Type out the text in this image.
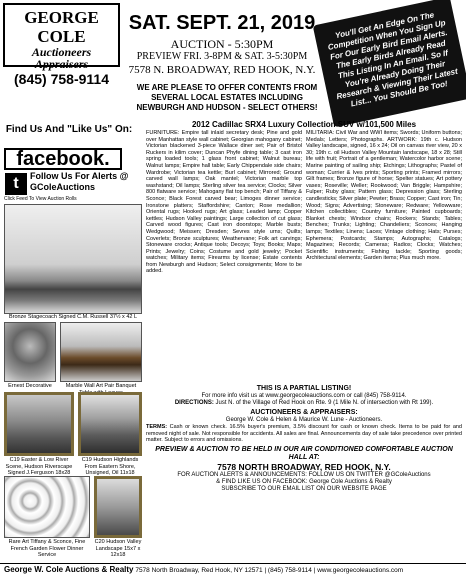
GEORGE COLE
Auctioneers
Appraisers
(845) 758-9114
SAT. SEPT. 21, 2019
AUCTION - 5:30PM
PREVIEW FRI. 3-8PM & SAT. 3-5:30PM
7578 N. BROADWAY, RED HOOK, N.Y.
You'll Get An Edge On The Competition When You Sign Up For Our Early Bird Email Alerts. The Early Birds Already Read This Listing In An Email. So If You're Already Doing Their Research & Viewing Their Latest List... You Should Be Too!
WE ARE PLEASE TO OFFER CONTENTS FROM SEVERAL LOCAL ESTATES INCLUDING NEWBURGH AND HUDSON - SELECT OTHERS!
Find Us And "Like Us" On:
facebook.
t	Follow Us For Alerts @ GColeAuctions
Click Feed To View Auction Rolls
Bronze Stagecoach Signed C.M. Russell 37½ x 42 L
Ernest Decorative	Marble Wall Art Pair Banquet
C19 Easter & Low River Scene, Hudson Riverscape Signed J.Ferguson 18x28
C19 Hudson Highlands From Eastern Shore, Unsigned, Oil 11x18
Rare Art Tiffany & Sconce, Fine French Garden Flower Dinner Service
C20 Hudson Valley Landscape 15x7 x 12x18
2012 Cadillac SRX4 Luxury Collection SUV w/101,500 Miles
FURNITURE: Empire tall inlaid secretary desk; Pine and gold over Manhattan style wall cabinet; Georgian mahogany cabinet; Victorian blackened 3-piece Wallace diner set; Pair of Bristol Ruckers in kilim cover; Duncan Phyfe dining table; 3 cast iron spring loaded tools; 1 glass front cabinet; Walnut bureau; Walnut lamps; Empire hall table; Early Chippendale side chairs; Wardrobe; Victorian tea kettle; Burl cabinet; Mirrored; Ground carved wall lamps; Oak mantel; Victorian marble top washstand; Oil lamps; Sterling silver tea service; Clocks; Silver 800 flatware service; Mahogany flat top bench; Pair of Tiffany & Sconce; Black Forest carved bear; Limoges dinner service; Ironstone platters; Staffordshire; Canton; Rose medallion; Oriental rugs; Hooked rugs; Art glass; Leaded lamp; Copper kettles; Hudson Valley paintings; Large collection of cut glass; Carved wood figures; Cast iron doorstops; Marble busts; Wedgwood; Meissen; Dresden; Sevres style urns; Quilts; Coverlets; Bronze sculptures; Weathervane; Folk art carvings; Stoneware crocks; Antique tools; Decoys; Toys; Books; Maps; Prints; Jewelry; Coins; Costume and gold jewelry; Pocket watches; Military items; Firearms by license; Estate contents from Newburgh and Hudson; Select consignments; More to be added.
MILITARIA: Civil War and WWI items; Swords; Uniform buttons; Medals; Letters; Photographs. ARTWORK: 19th c. Hudson Valley landscape, signed, 16 x 24; Oil on canvas river view, 20 x 30; 19th c. oil Hudson Valley Mountain landscape, 18 x 28; Still life with fruit; Portrait of a gentleman; Watercolor harbor scene; Marine painting of sailing ship; Etchings; Lithographs; Pastel of woman; Currier & Ives prints; Sporting prints; Framed mirrors; Gilt frames; Bronze figure of horse; Spelter statues; Art pottery vases; Roseville; Weller; Rookwood; Van Briggle; Hampshire; Fulper; Ruby glass; Pattern glass; Depression glass; Sterling candlesticks; Silver plate; Pewter; Brass; Copper; Cast iron; Tin; Wood; Signs; Advertising; Stoneware; Redware; Yellowware; Kitchen collectibles; Country furniture; Painted cupboards; Blanket chests; Windsor chairs; Rockers; Stands; Tables; Benches; Trunks; Lighting; Chandeliers; Sconces; Hanging lamps; Textiles; Linens; Laces; Vintage clothing; Hats; Purses; Ephemera; Postcards; Stamps; Autographs; Catalogs; Magazines; Records; Cameras; Radios; Clocks; Watches; Scientific instruments; Fishing tackle; Sporting goods; Architectural elements; Garden items; Plus much more.
THIS IS A PARTIAL LISTING!
For more info visit us at www.georgecoleauctions.com or call (845) 758-9114.
DIRECTIONS: Just N. of the Village of Red Hook on Rte. 9 (1 Mile N. of intersection with Rt 199).
AUCTIONEERS & APPRAISERS:
George W. Cole & Helen & Maurice W. Lune - Auctioneers.
TERMS: Cash or known check. 16.5% buyer's premium, 3.5% discount for cash or known check. Items to be paid for and removed night of sale. Not responsible for accidents. All sales are final. Announcements day of sale take precedence over printed matter. Subject to errors and omissions.
PREVIEW & AUCTION TO BE HELD IN OUR AIR CONDITIONED COMFORTABLE AUCTION HALL AT:
7578 NORTH BROADWAY, RED HOOK, N.Y.
FOR AUCTION ALERTS & ANNOUNCEMENTS: FOLLOW US ON TWITTER @GColeAuctions
& FIND LIKE US ON FACEBOOK: George Cole Auctions & Realty
SUBSCRIBE TO OUR EMAIL LIST ON OUR WEBSITE PAGE
George W. Cole Auctions & Realty 7578 North Broadway, Red Hook, NY 12571 | (845) 758-9114 | www.georgecoleauctions.com
